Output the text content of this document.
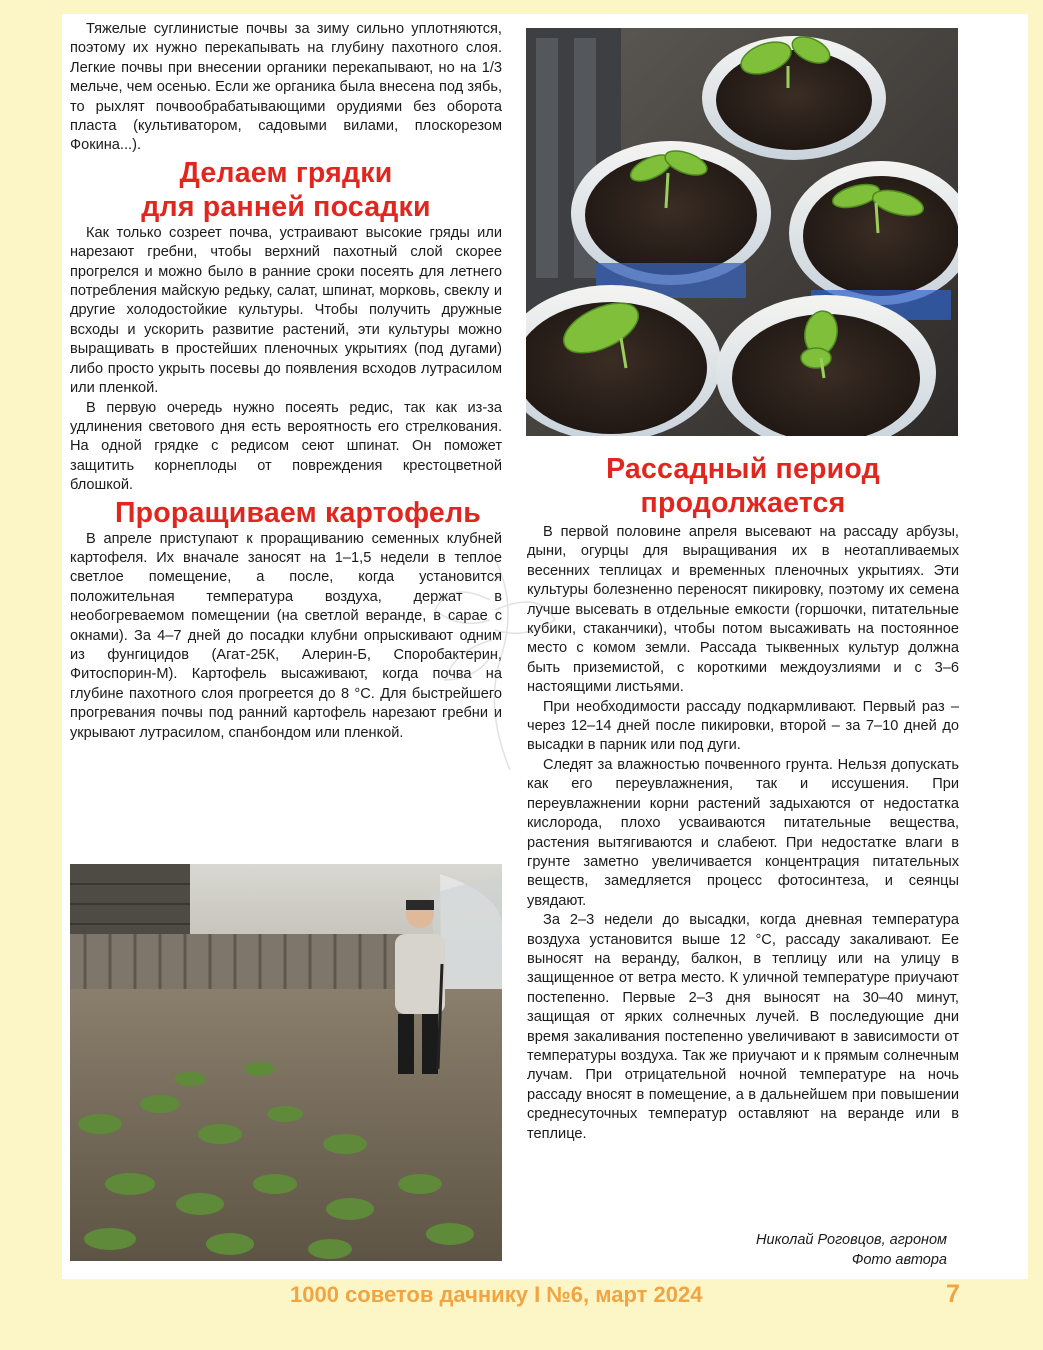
Тяжелые суглинистые почвы за зиму сильно уплотняются, поэтому их нужно перекапывать на глубину пахотного слоя. Легкие почвы при внесении органики перекапывают, но на 1/3 мельче, чем осенью. Если же органика была внесена под зябь, то рыхлят почвообрабатывающими орудиями без оборота пласта (культиватором, садовыми вилами, плоскорезом Фокина...).

Делаем грядки
для ранней посадки

Как только созреет почва, устраивают высокие гряды или нарезают гребни, чтобы верхний пахотный слой скорее прогрелся и можно было в ранние сроки посеять для летнего потребления майскую редьку, салат, шпинат, морковь, свеклу и другие холодостойкие культуры. Чтобы получить дружные всходы и ускорить развитие растений, эти культуры можно выращивать в простейших пленочных укрытиях (под дугами) либо просто укрыть посевы до появления всходов лутрасилом или пленкой.

В первую очередь нужно посеять редис, так как из-за удлинения светового дня есть вероятность его стрелкования. На одной грядке с редисом сеют шпинат. Он поможет защитить корнеплоды от повреждения крестоцветной блошкой.

Проращиваем картофель

В апреле приступают к проращиванию семенных клубней картофеля. Их вначале заносят на 1–1,5 недели в теплое светлое помещение, а после, когда установится положительная температура воздуха, держат в необогреваемом помещении (на светлой веранде, в сарае с окнами). За 4–7 дней до посадки клубни опрыскивают одним из фунгицидов (Агат-25К, Алерин-Б, Споробактерин, Фитоспорин-М). Картофель высаживают, когда почва на глубине пахотного слоя прогреется до 8 °С. Для быстрейшего прогревания почвы под ранний картофель нарезают гребни и укрывают лутрасилом, спанбондом или пленкой.

Рассадный период
продолжается

В первой половине апреля высевают на рассаду арбузы, дыни, огурцы для выращивания их в неотапливаемых весенних теплицах и временных пленочных укрытиях. Эти культуры болезненно переносят пикировку, поэтому их семена лучше высевать в отдельные емкости (горшочки, питательные кубики, стаканчики), чтобы потом высаживать на постоянное место с комом земли. Рассада тыквенных культур должна быть приземистой, с короткими междоузлиями и с 3–6 настоящими листьями.

При необходимости рассаду подкармливают. Первый раз – через 12–14 дней после пикировки, второй – за 7–10 дней до высадки в парник или под дуги.

Следят за влажностью почвенного грунта. Нельзя допускать как его переувлажнения, так и иссушения. При переувлажнении корни растений задыхаются от недостатка кислорода, плохо усваиваются питательные вещества, растения вытягиваются и слабеют. При недостатке влаги в грунте заметно увеличивается концентрация питательных веществ, замедляется процесс фотосинтеза, и сеянцы увядают.

За 2–3 недели до высадки, когда дневная температура воздуха установится выше 12 °С, рассаду закаливают. Ее выносят на веранду, балкон, в теплицу или на улицу в защищенное от ветра место. К уличной температуре приучают постепенно. Первые 2–3 дня выносят на 30–40 минут, защищая от ярких солнечных лучей. В последующие дни время закаливания постепенно увеличивают в зависимости от температуры воздуха. Так же приучают и к прямым солнечным лучам. При отрицательной ночной температуре на ночь рассаду вносят в помещение, а в дальнейшем при повышении среднесуточных температур оставляют на веранде или в теплице.

Николай Роговцов, агроном
Фото автора
1000 советов дачнику I №6, март 2024	7
